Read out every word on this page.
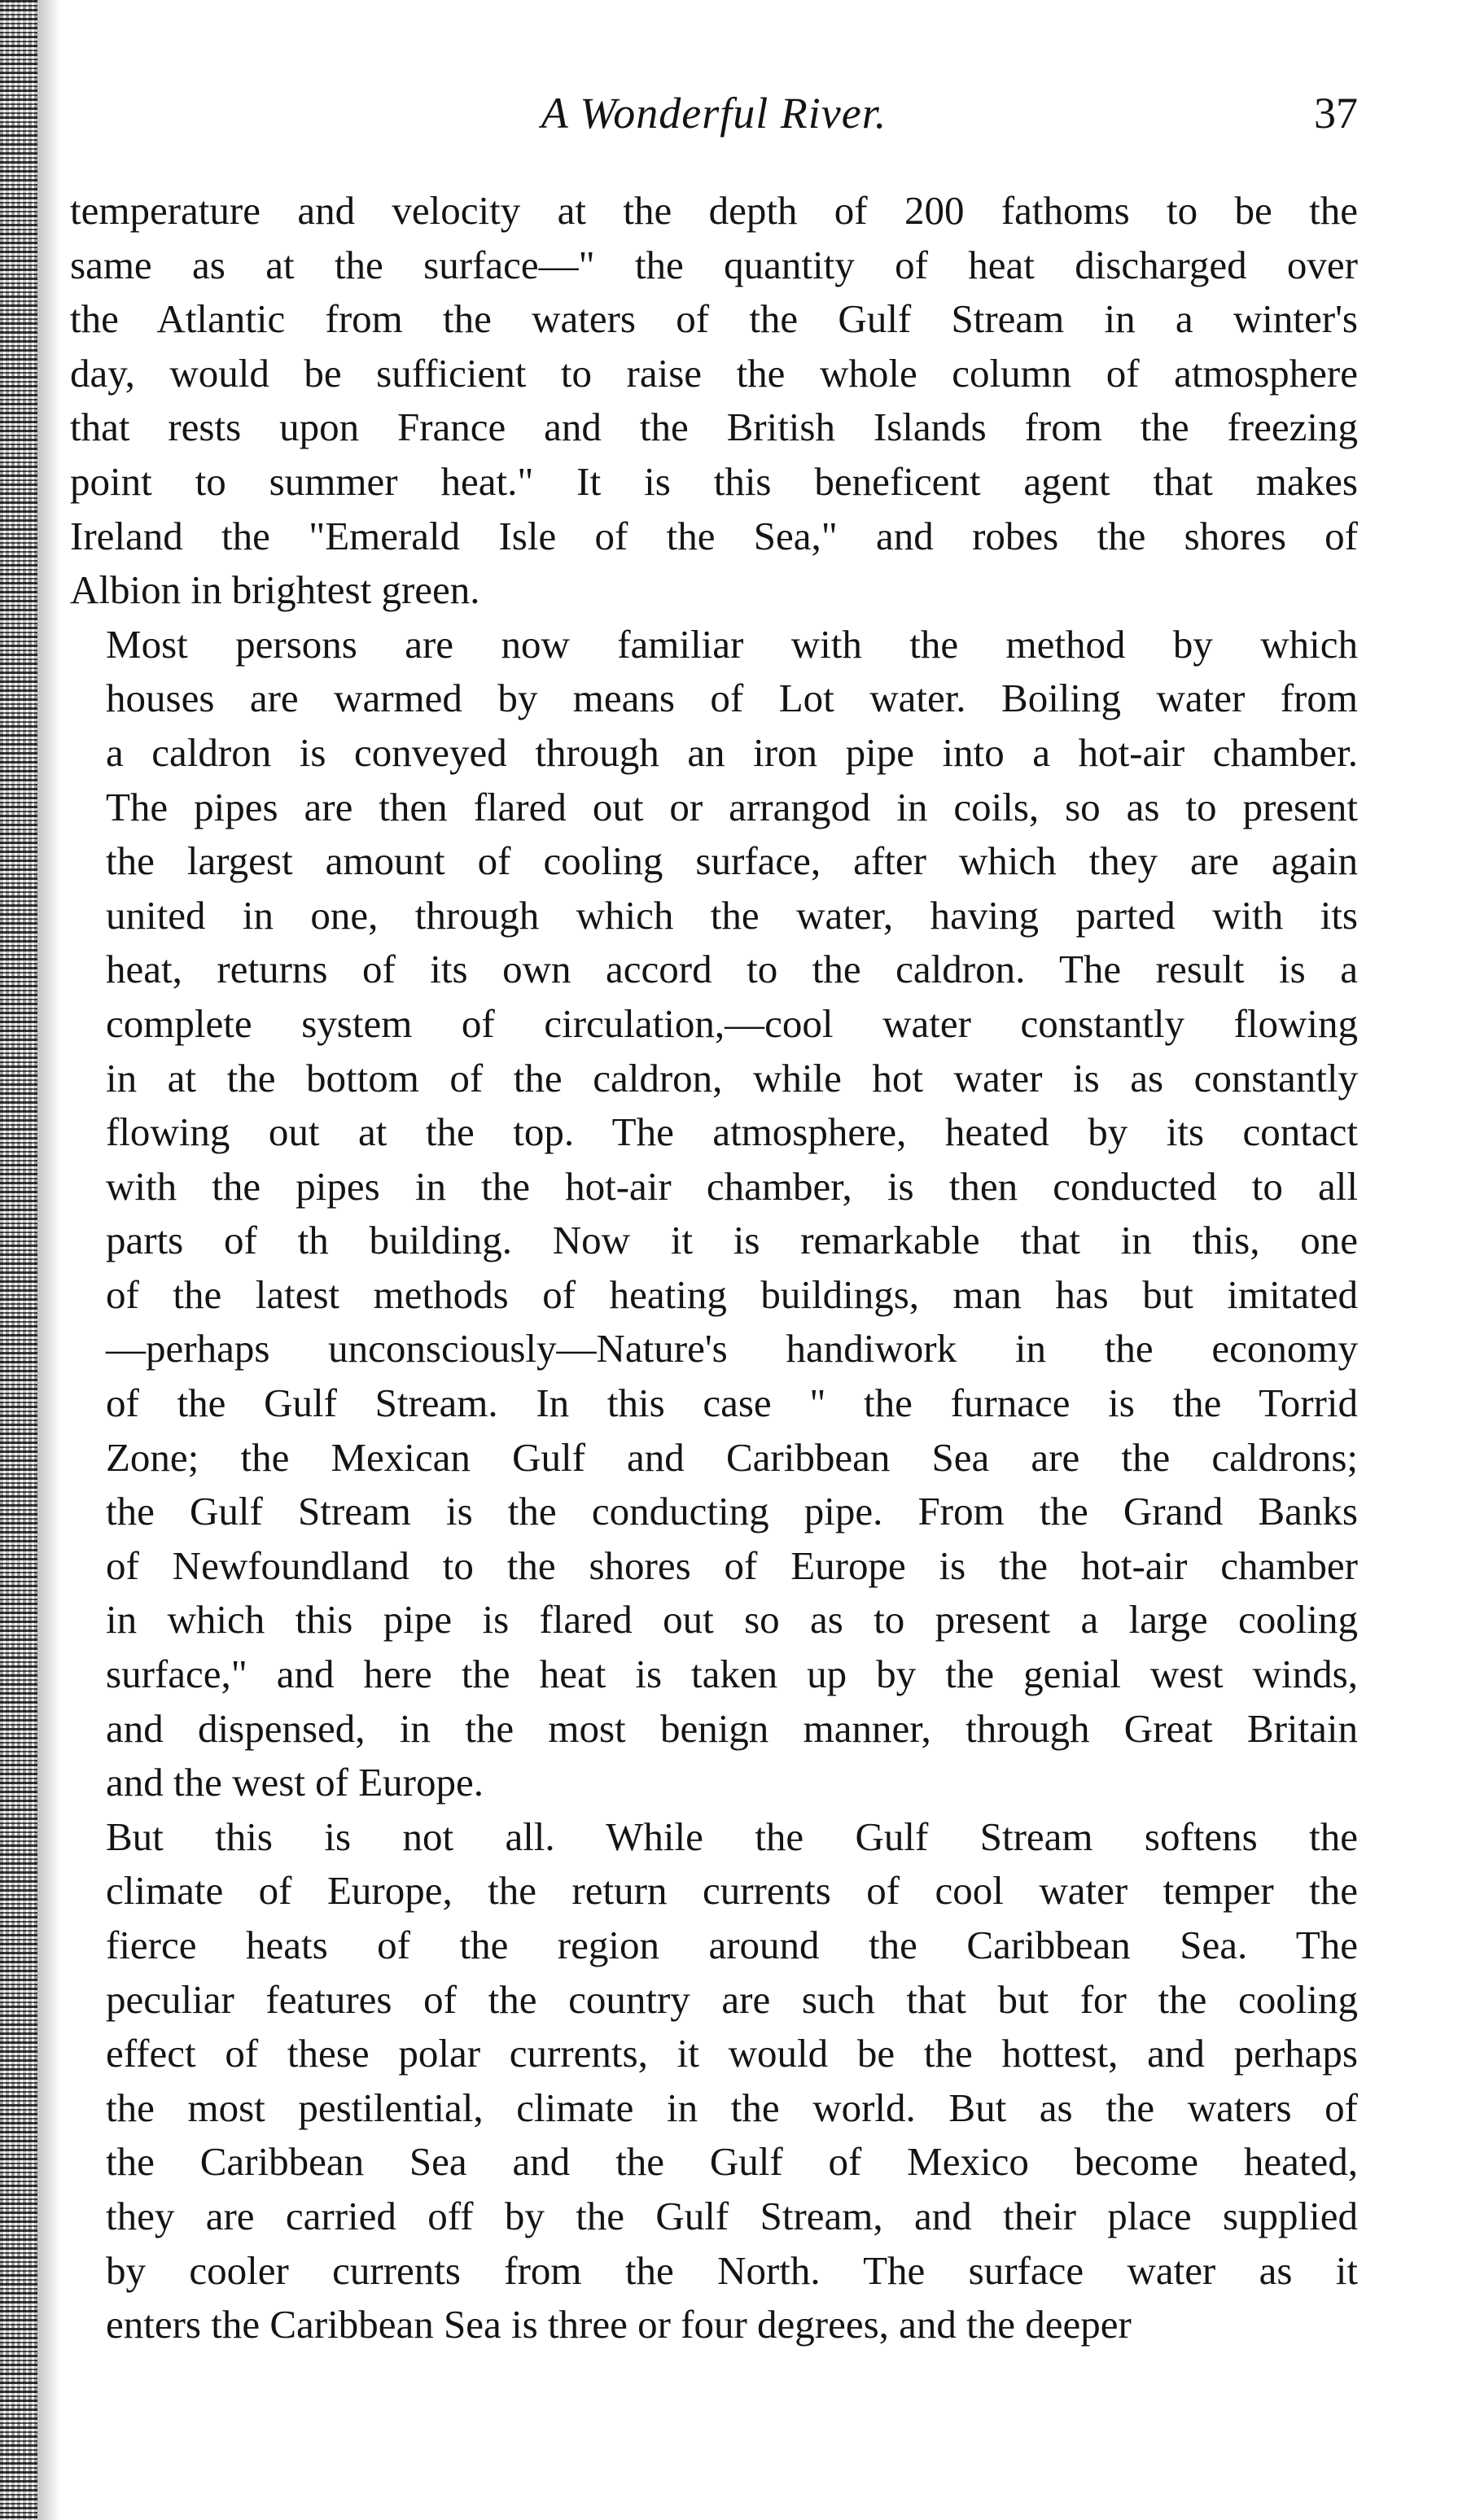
A Wonderful River.	37
temperature and velocity at the depth of 200 fathoms to be the
same as at the surface—" the quantity of heat discharged over
the Atlantic from the waters of the Gulf Stream in a winter's
day, would be sufficient to raise the whole column of atmosphere
that rests upon France and the British Islands from the freezing
point to summer heat." It is this beneficent agent that makes
Ireland the "Emerald Isle of the Sea," and robes the shores of
Albion in brightest green.
Most persons are now familiar with the method by which
houses are warmed by means of Lot water. Boiling water from
a caldron is conveyed through an iron pipe into a hot-air chamber.
The pipes are then flared out or arrangod in coils, so as to present
the largest amount of cooling surface, after which they are again
united in one, through which the water, having parted with its
heat, returns of its own accord to the caldron. The result is a
complete system of circulation,—cool water constantly flowing
in at the bottom of the caldron, while hot water is as constantly
flowing out at the top. The atmosphere, heated by its contact
with the pipes in the hot-air chamber, is then conducted to all
parts of th building. Now it is remarkable that in this, one
of the latest methods of heating buildings, man has but imitated
—perhaps unconsciously—Nature's handiwork in the economy
of the Gulf Stream. In this case " the furnace is the Torrid
Zone; the Mexican Gulf and Caribbean Sea are the caldrons;
the Gulf Stream is the conducting pipe. From the Grand Banks
of Newfoundland to the shores of Europe is the hot-air chamber
in which this pipe is flared out so as to present a large cooling
surface," and here the heat is taken up by the genial west winds,
and dispensed, in the most benign manner, through Great Britain
and the west of Europe.
But this is not all. While the Gulf Stream softens the
climate of Europe, the return currents of cool water temper the
fierce heats of the region around the Caribbean Sea. The
peculiar features of the country are such that but for the cooling
effect of these polar currents, it would be the hottest, and perhaps
the most pestilential, climate in the world. But as the waters of
the Caribbean Sea and the Gulf of Mexico become heated,
they are carried off by the Gulf Stream, and their place supplied
by cooler currents from the North. The surface water as it
enters the Caribbean Sea is three or four degrees, and the deeper
